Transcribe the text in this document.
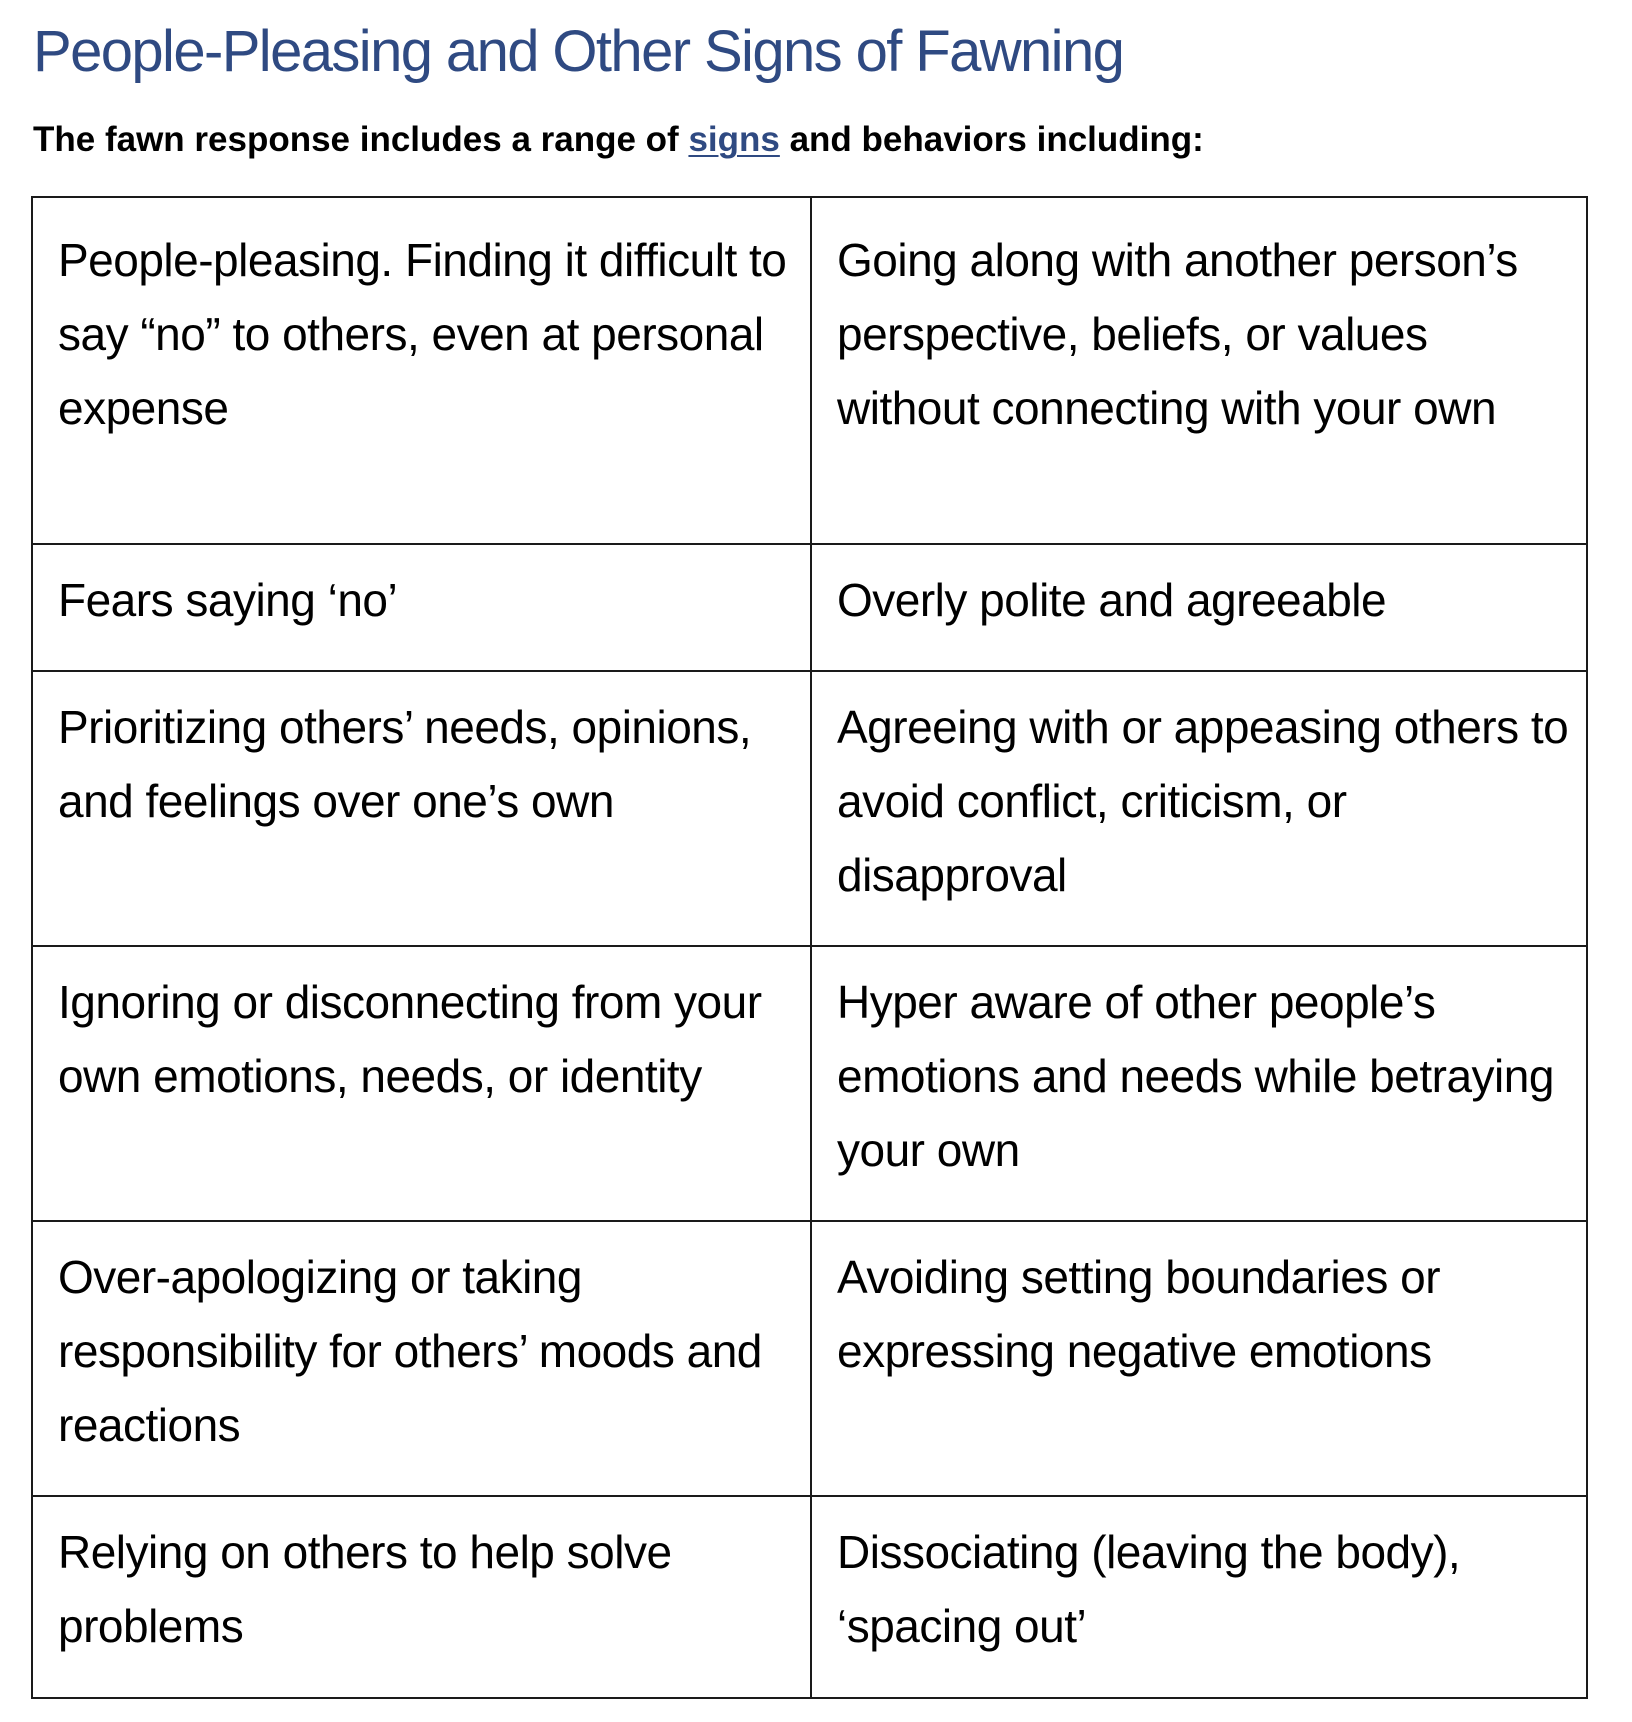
People-Pleasing and Other Signs of Fawning

The fawn response includes a range of signs and behaviors including:

People-pleasing. Finding it difficult to say “no” to others, even at personal expense	Going along with another person’s perspective, beliefs, or values without connecting with your own
Fears saying ‘no’	Overly polite and agreeable
Prioritizing others’ needs, opinions, and feelings over one’s own	Agreeing with or appeasing others to avoid conflict, criticism, or disapproval
Ignoring or disconnecting from your own emotions, needs, or identity	Hyper aware of other people’s emotions and needs while betraying your own
Over-apologizing or taking responsibility for others’ moods and reactions	Avoiding setting boundaries or expressing negative emotions
Relying on others to help solve problems	Dissociating (leaving the body), ‘spacing out’
